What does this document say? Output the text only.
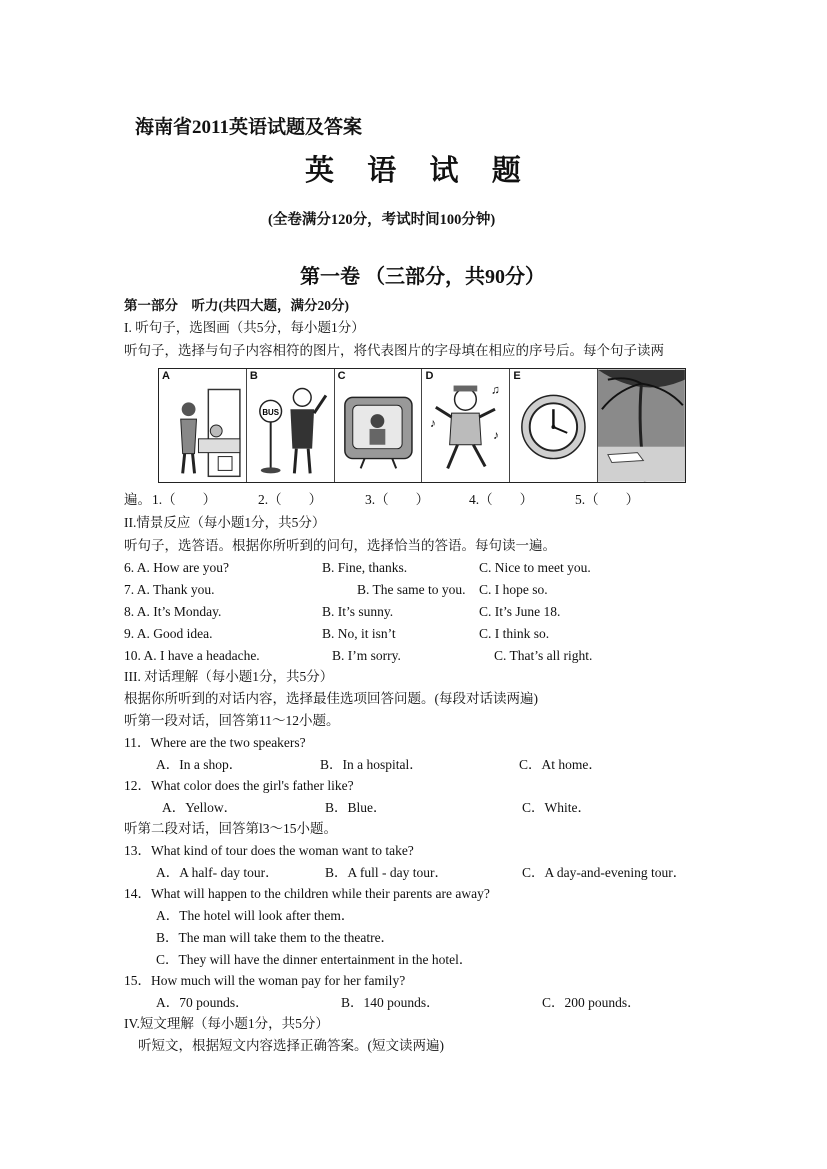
海南省2011英语试题及答案
英 语 试 题
(全卷满分120分，考试时间100分钟)
第一卷 （三部分，共90分）
第一部分　听力(共四大题，满分20分)
I. 听句子，选图画（共5分，每小题1分）
听句子，选择与句子内容相符的图片，将代表图片的字母填在相应的序号后。每个句子读两
A	B
BUS
C	D
♪
♫
♪
E
遍。 1.（　　）	2.（　　）	3.（　　）	4.（　　）	5.（　　）
II.情景反应（每小题1分，共5分）
听句子，选答语。根据你所听到的问句，选择恰当的答语。每句读一遍。
6. A. How are you?	B. Fine, thanks.	C. Nice to meet you.
7. A. Thank you.	B. The same to you. C. I hope so.
8. A. It’s Monday.	B. It’s sunny.	C. It’s June 18.
9. A. Good idea.	B. No, it isn’t	C. I think so.
10. A. I have a headache.	B. I’m sorry.	C. That’s all right.
III. 对话理解（每小题1分，共5分）
根据你所听到的对话内容，选择最佳选项回答问题。(每段对话读两遍)
听第一段对话，回答第11～12小题。
11．Where are the two speakers?
A．In a shop．	B．In a hospital．	C．At home．
12．What color does the girl's father like?
A．Yellow．	B．Blue．	C．White．
听第二段对话，回答第l3～15小题。
13．What kind of tour does the woman want to take?
A．A half- day tour．	B．A full - day tour．	C．A day-and-evening tour．
14．What will happen to the children while their parents are away?
A．The hotel will look after them．
B．The man will take them to the theatre．
C．They will have the dinner entertainment in the hotel．
15．How much will the woman pay for her family?
A．70 pounds．	B．140 pounds．	C．200 pounds．
IV.短文理解（每小题1分，共5分）
听短文，根据短文内容选择正确答案。(短文读两遍)
